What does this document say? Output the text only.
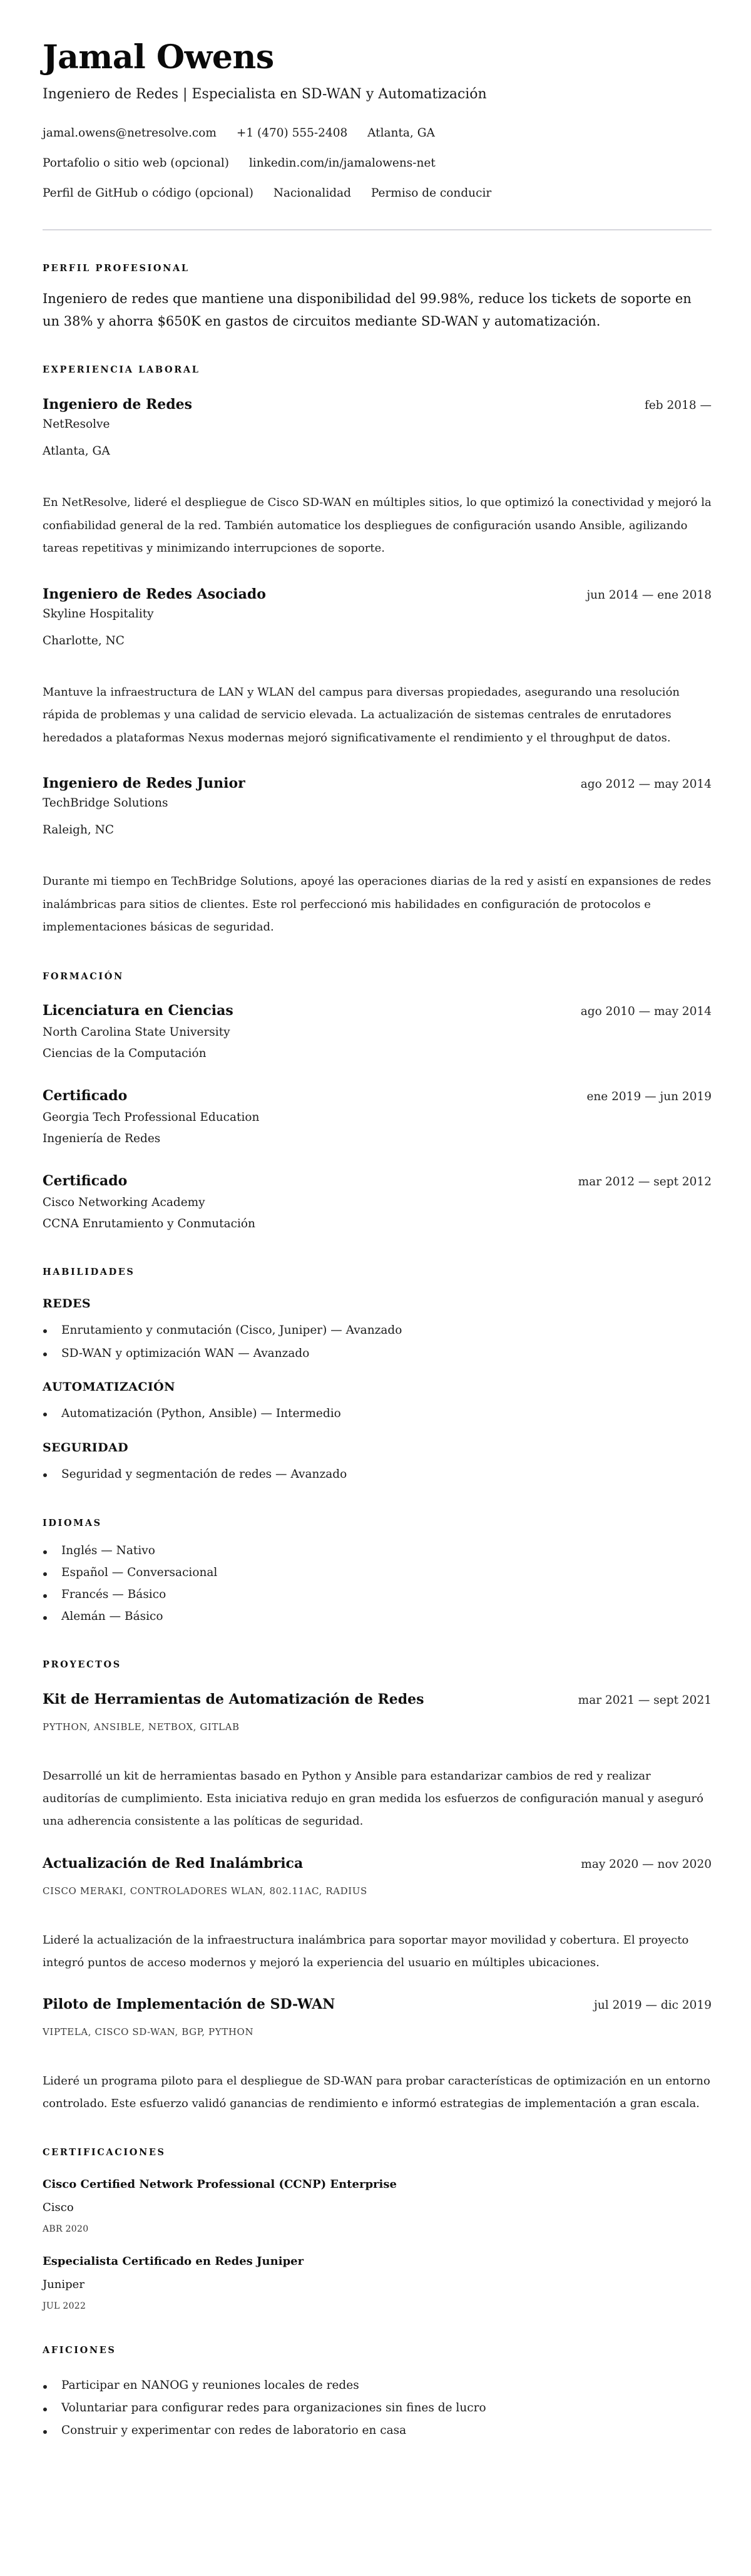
Jamal Owens
Ingeniero de Redes | Especialista en SD-WAN y Automatización
jamal.owens@netresolve.com +1 (470) 555-2408 Atlanta, GA
Portafolio o sitio web (opcional) linkedin.com/in/jamalowens-net
Perfil de GitHub o código (opcional) Nacionalidad Permiso de conducir
PERFIL PROFESIONAL

Ingeniero de redes que mantiene una disponibilidad del 99.98%, reduce los tickets de soporte en un 38% y ahorra $650K en gastos de circuitos mediante SD-WAN y automatización.

EXPERIENCIA LABORAL
Ingeniero de Redes	feb 2018 —
NetResolve
Atlanta, GA

En NetResolve, lideré el despliegue de Cisco SD-WAN en múltiples sitios, lo que optimizó la conectividad y mejoró la confiabilidad general de la red. También automatice los despliegues de configuración usando Ansible, agilizando tareas repetitivas y minimizando interrupciones de soporte.

Ingeniero de Redes Asociado	jun 2014 — ene 2018
Skyline Hospitality
Charlotte, NC

Mantuve la infraestructura de LAN y WLAN del campus para diversas propiedades, asegurando una resolución rápida de problemas y una calidad de servicio elevada. La actualización de sistemas centrales de enrutadores heredados a plataformas Nexus modernas mejoró significativamente el rendimiento y el throughput de datos.

Ingeniero de Redes Junior	ago 2012 — may 2014
TechBridge Solutions
Raleigh, NC

Durante mi tiempo en TechBridge Solutions, apoyé las operaciones diarias de la red y asistí en expansiones de redes inalámbricas para sitios de clientes. Este rol perfeccionó mis habilidades en configuración de protocolos e implementaciones básicas de seguridad.

FORMACIÓN
Licenciatura en Ciencias	ago 2010 — may 2014
North Carolina State University
Ciencias de la Computación
Certificado	ene 2019 — jun 2019
Georgia Tech Professional Education
Ingeniería de Redes
Certificado	mar 2012 — sept 2012
Cisco Networking Academy
CCNA Enrutamiento y Conmutación
HABILIDADES
REDES
Enrutamiento y conmutación (Cisco, Juniper) — Avanzado
SD-WAN y optimización WAN — Avanzado
AUTOMATIZACIÓN
Automatización (Python, Ansible) — Intermedio
SEGURIDAD
Seguridad y segmentación de redes — Avanzado
IDIOMAS
Inglés — Nativo
Español — Conversacional
Francés — Básico
Alemán — Básico
PROYECTOS
Kit de Herramientas de Automatización de Redes	mar 2021 — sept 2021
PYTHON, ANSIBLE, NETBOX, GITLAB

Desarrollé un kit de herramientas basado en Python y Ansible para estandarizar cambios de red y realizar auditorías de cumplimiento. Esta iniciativa redujo en gran medida los esfuerzos de configuración manual y aseguró una adherencia consistente a las políticas de seguridad.

Actualización de Red Inalámbrica	may 2020 — nov 2020
CISCO MERAKI, CONTROLADORES WLAN, 802.11AC, RADIUS

Lideré la actualización de la infraestructura inalámbrica para soportar mayor movilidad y cobertura. El proyecto integró puntos de acceso modernos y mejoró la experiencia del usuario en múltiples ubicaciones.

Piloto de Implementación de SD-WAN	jul 2019 — dic 2019
VIPTELA, CISCO SD-WAN, BGP, PYTHON

Lideré un programa piloto para el despliegue de SD-WAN para probar características de optimización en un entorno controlado. Este esfuerzo validó ganancias de rendimiento e informó estrategias de implementación a gran escala.

CERTIFICACIONES
Cisco Certified Network Professional (CCNP) Enterprise
Cisco
ABR 2020
Especialista Certificado en Redes Juniper
Juniper
JUL 2022
AFICIONES
Participar en NANOG y reuniones locales de redes
Voluntariar para configurar redes para organizaciones sin fines de lucro
Construir y experimentar con redes de laboratorio en casa
